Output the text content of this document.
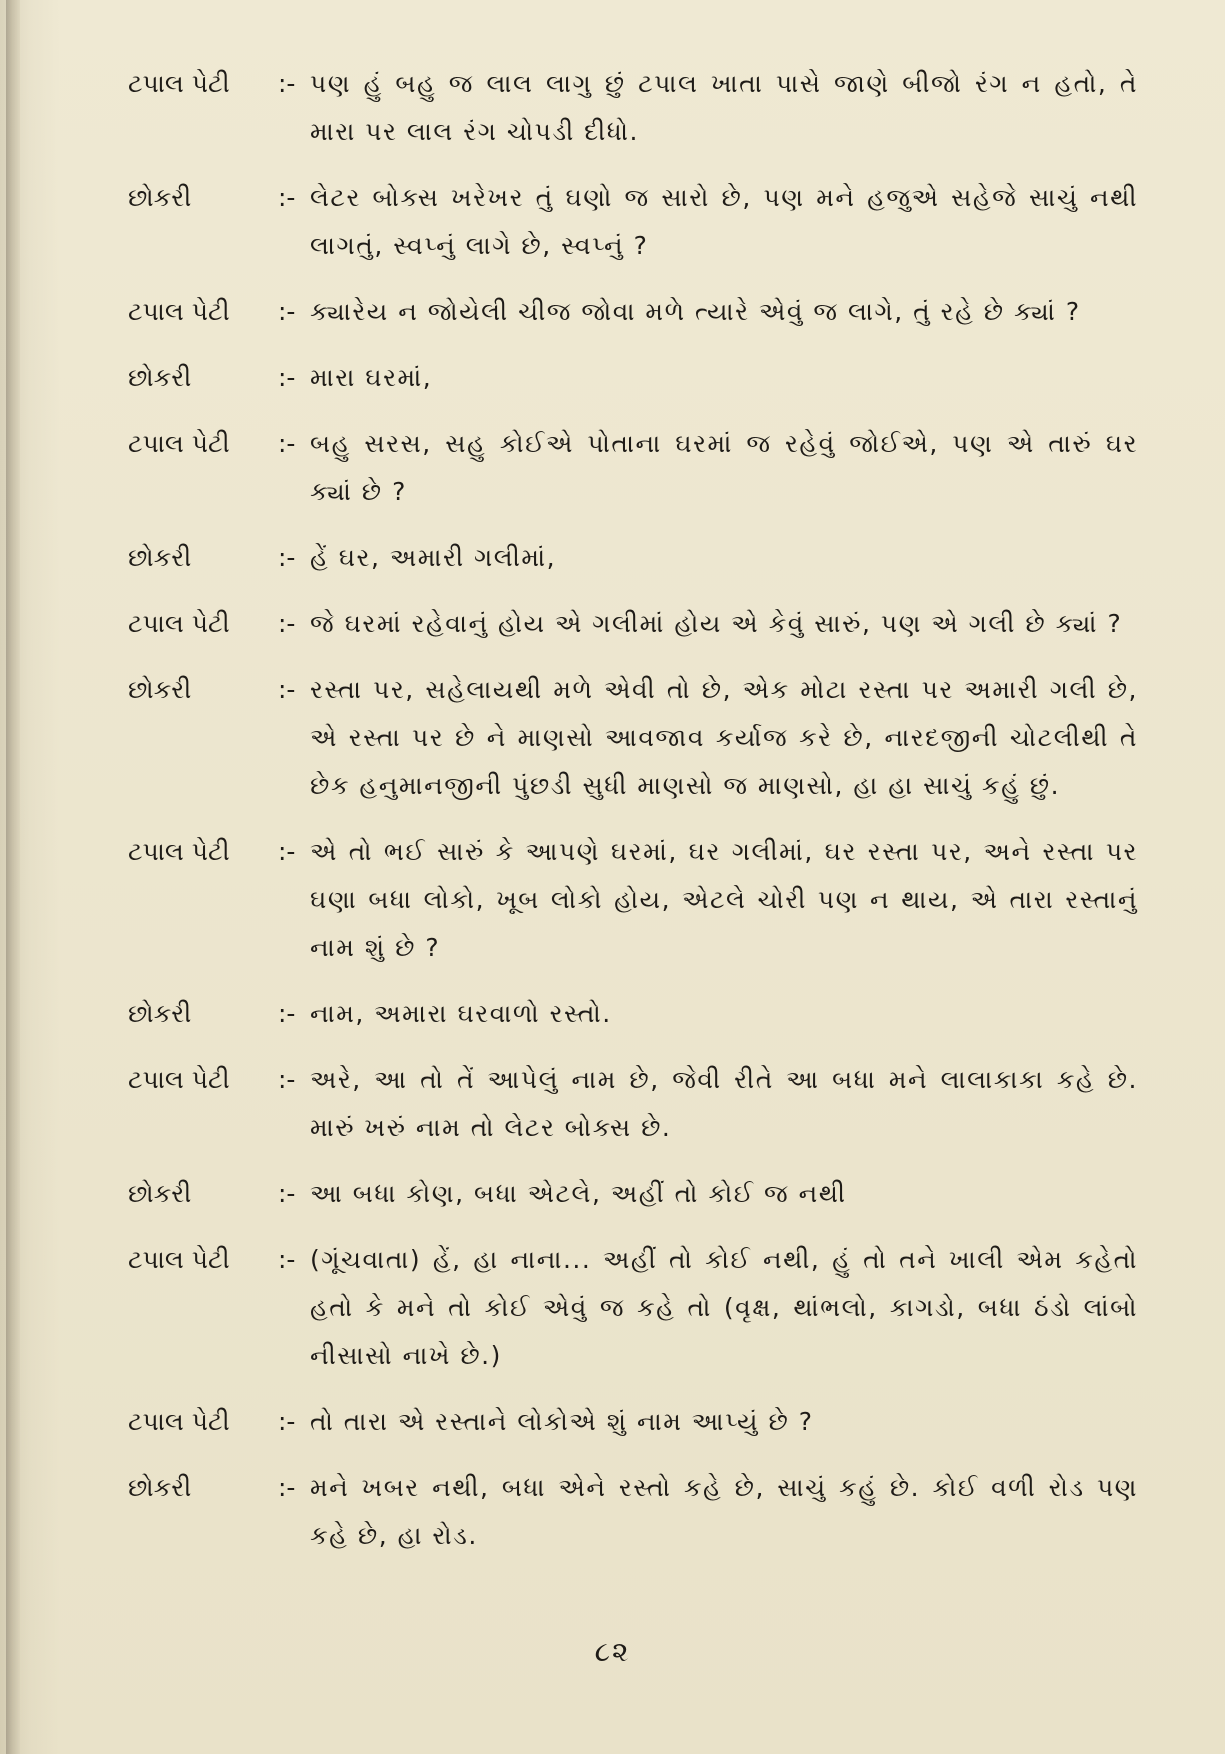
ટપાલ પેટી	:- પણ હું બહુ જ લાલ લાગુ છું ટપાલ ખાતા પાસે જાણે બીજો રંગ ન હતો, તે મારા પર લાલ રંગ ચોપડી દીધો.
છોકરી	:- લેટર બોક્સ ખરેખર તું ઘણો જ સારો છે, પણ મને હજુએ સહેજે સાચું નથી લાગતું, સ્વપ્નું લાગે છે, સ્વપ્નું ?
ટપાલ પેટી	:- ક્યારેય ન જોયેલી ચીજ જોવા મળે ત્યારે એવું જ લાગે, તું રહે છે ક્યાં ?
છોકરી	:- મારા ઘરમાં,
ટપાલ પેટી	:- બહુ સરસ, સહુ કોઈએ પોતાના ઘરમાં જ રહેવું જોઈએ, પણ એ તારું ઘર ક્યાં છે ?
છોકરી	:- હેં ઘર, અમારી ગલીમાં,
ટપાલ પેટી	:- જે ઘરમાં રહેવાનું હોય એ ગલીમાં હોય એ કેવું સારું, પણ એ ગલી છે ક્યાં ?
છોકરી	:- રસ્તા પર, સહેલાયથી મળે એવી તો છે, એક મોટા રસ્તા પર અમારી ગલી છે, એ રસ્તા પર છે ને માણસો આવજાવ કર્યાજ કરે છે, નારદજીની ચોટલીથી તે છેક હનુમાનજીની પુંછડી સુધી માણસો જ માણસો, હા હા સાચું કહું છું.
ટપાલ પેટી	:- એ તો ભઈ સારું કે આપણે ઘરમાં, ઘર ગલીમાં, ઘર રસ્તા પર, અને રસ્તા પર ઘણા બધા લોકો, ખૂબ લોકો હોય, એટલે ચોરી પણ ન થાય, એ તારા રસ્તાનું નામ શું છે ?
છોકરી	:- નામ, અમારા ઘરવાળો રસ્તો.
ટપાલ પેટી	:- અરે, આ તો તેં આપેલું નામ છે, જેવી રીતે આ બધા મને લાલાકાકા કહે છે. મારું ખરું નામ તો લેટર બોક્સ છે.
છોકરી	:- આ બધા કોણ, બધા એટલે, અહીં તો કોઈ જ નથી
ટપાલ પેટી	:- (ગૂંચવાતા) હેં, હા નાના... અહીં તો કોઈ નથી, હું તો તને ખાલી એમ કહેતો હતો કે મને તો કોઈ એવું જ કહે તો (વૃક્ષ, થાંભલો, કાગડો, બધા ઠંડો લાંબો નીસાસો નાખે છે.)
ટપાલ પેટી	:- તો તારા એ રસ્તાને લોકોએ શું નામ આપ્યું છે ?
છોકરી	:- મને ખબર નથી, બધા એને રસ્તો કહે છે, સાચું કહું છે. કોઈ વળી રોડ પણ કહે છે, હા રોડ.
૮૨
